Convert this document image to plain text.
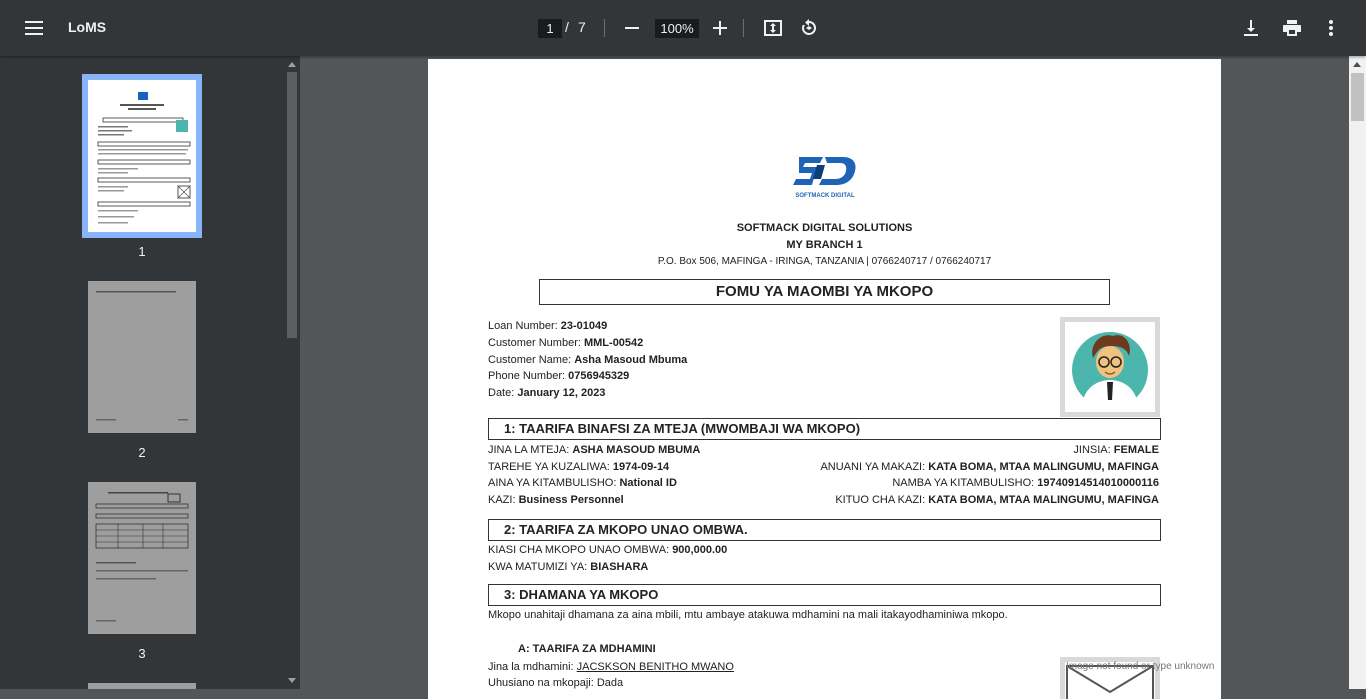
LoMS	1 / 7	100%
1
2
3
SOFTMACK DIGITAL
SOFTMACK DIGITAL SOLUTIONS
MY BRANCH 1
P.O. Box 506, MAFINGA - IRINGA, TANZANIA | 0766240717 / 0766240717
FOMU YA MAOMBI YA MKOPO
Loan Number: 23-01049
Customer Number: MML-00542
Customer Name: Asha Masoud Mbuma
Phone Number: 0756945329
Date: January 12, 2023
1: TAARIFA BINAFSI ZA MTEJA (MWOMBAJI WA MKOPO)
JINA LA MTEJA: ASHA MASOUD MBUMA	JINSIA: FEMALE
TAREHE YA KUZALIWA: 1974-09-14	ANUANI YA MAKAZI: KATA BOMA, MTAA MALINGUMU, MAFINGA
AINA YA KITAMBULISHO: National ID	NAMBA YA KITAMBULISHO: 19740914514010000116
KAZI: Business Personnel	KITUO CHA KAZI: KATA BOMA, MTAA MALINGUMU, MAFINGA
2: TAARIFA ZA MKOPO UNAO OMBWA.
KIASI CHA MKOPO UNAO OMBWA: 900,000.00
KWA MATUMIZI YA: BIASHARA
3: DHAMANA YA MKOPO
Mkopo unahitaji dhamana za aina mbili, mtu ambaye atakuwa mdhamini na mali itakayodhaminiwa mkopo.
A: TAARIFA ZA MDHAMINI
Jina la mdhamini: JACSKSON BENITHO MWANO
Uhusiano na mkopaji: Dada
Image not found or type unknown
